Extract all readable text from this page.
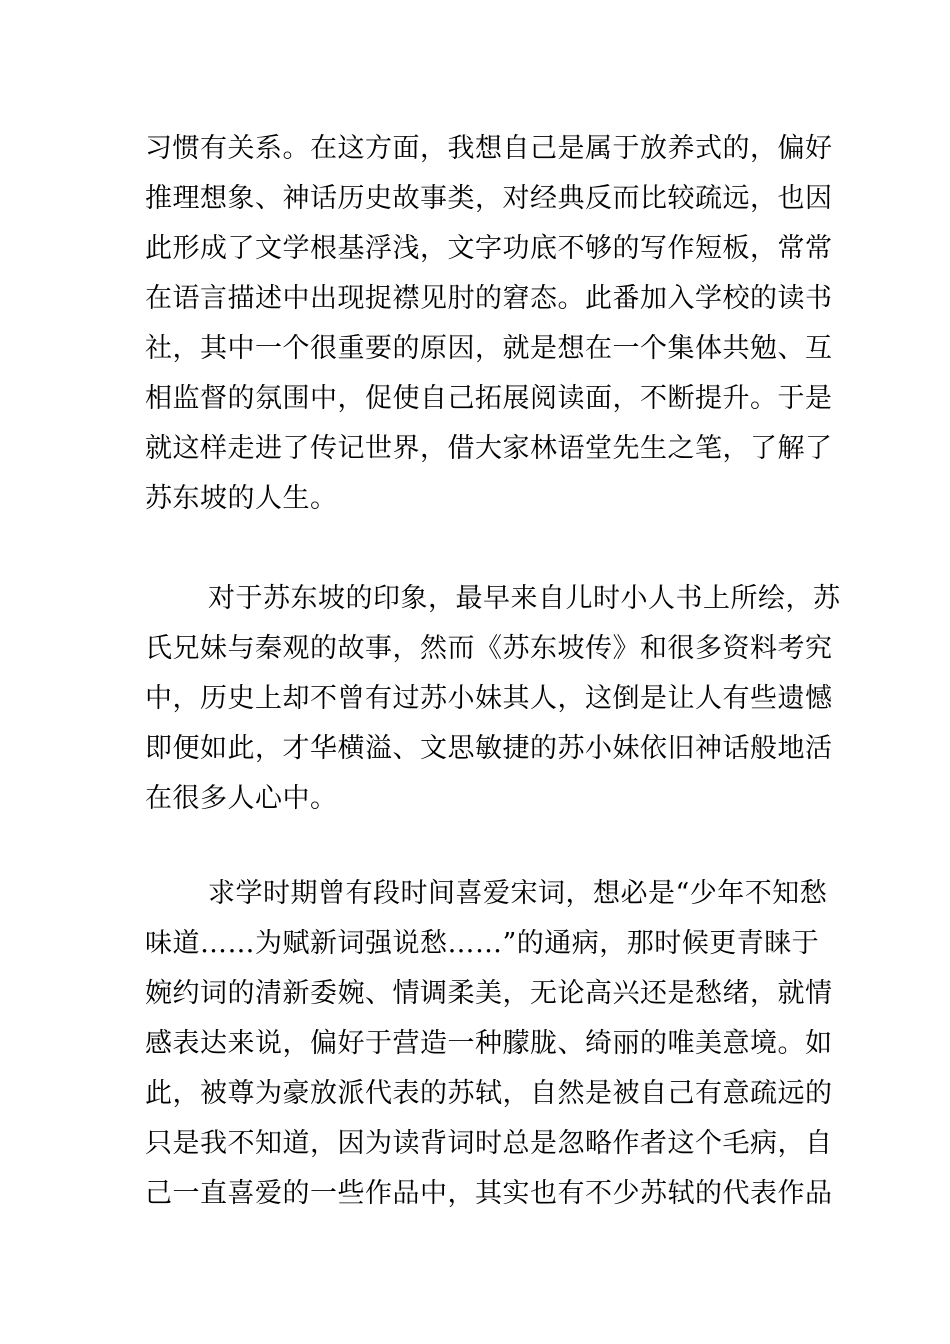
习惯有关系。在这方面，我想自己是属于放养式的，偏好
推理想象、神话历史故事类，对经典反而比较疏远，也因
此形成了文学根基浮浅，文字功底不够的写作短板，常常
在语言描述中出现捉襟见肘的窘态。此番加入学校的读书
社，其中一个很重要的原因，就是想在一个集体共勉、互
相监督的氛围中，促使自己拓展阅读面，不断提升。于是
就这样走进了传记世界，借大家林语堂先生之笔，了解了
苏东坡的人生。
对于苏东坡的印象，最早来自儿时小人书上所绘，苏
氏兄妹与秦观的故事，然而《苏东坡传》和很多资料考究
中，历史上却不曾有过苏小妹其人，这倒是让人有些遗憾
即便如此，才华横溢、文思敏捷的苏小妹依旧神话般地活
在很多人心中。
求学时期曾有段时间喜爱宋词，想必是“少年不知愁
味道……为赋新词强说愁……”的通病，那时候更青睐于
婉约词的清新委婉、情调柔美，无论高兴还是愁绪，就情
感表达来说，偏好于营造一种朦胧、绮丽的唯美意境。如
此，被尊为豪放派代表的苏轼，自然是被自己有意疏远的
只是我不知道，因为读背词时总是忽略作者这个毛病，自
己一直喜爱的一些作品中，其实也有不少苏轼的代表作品
